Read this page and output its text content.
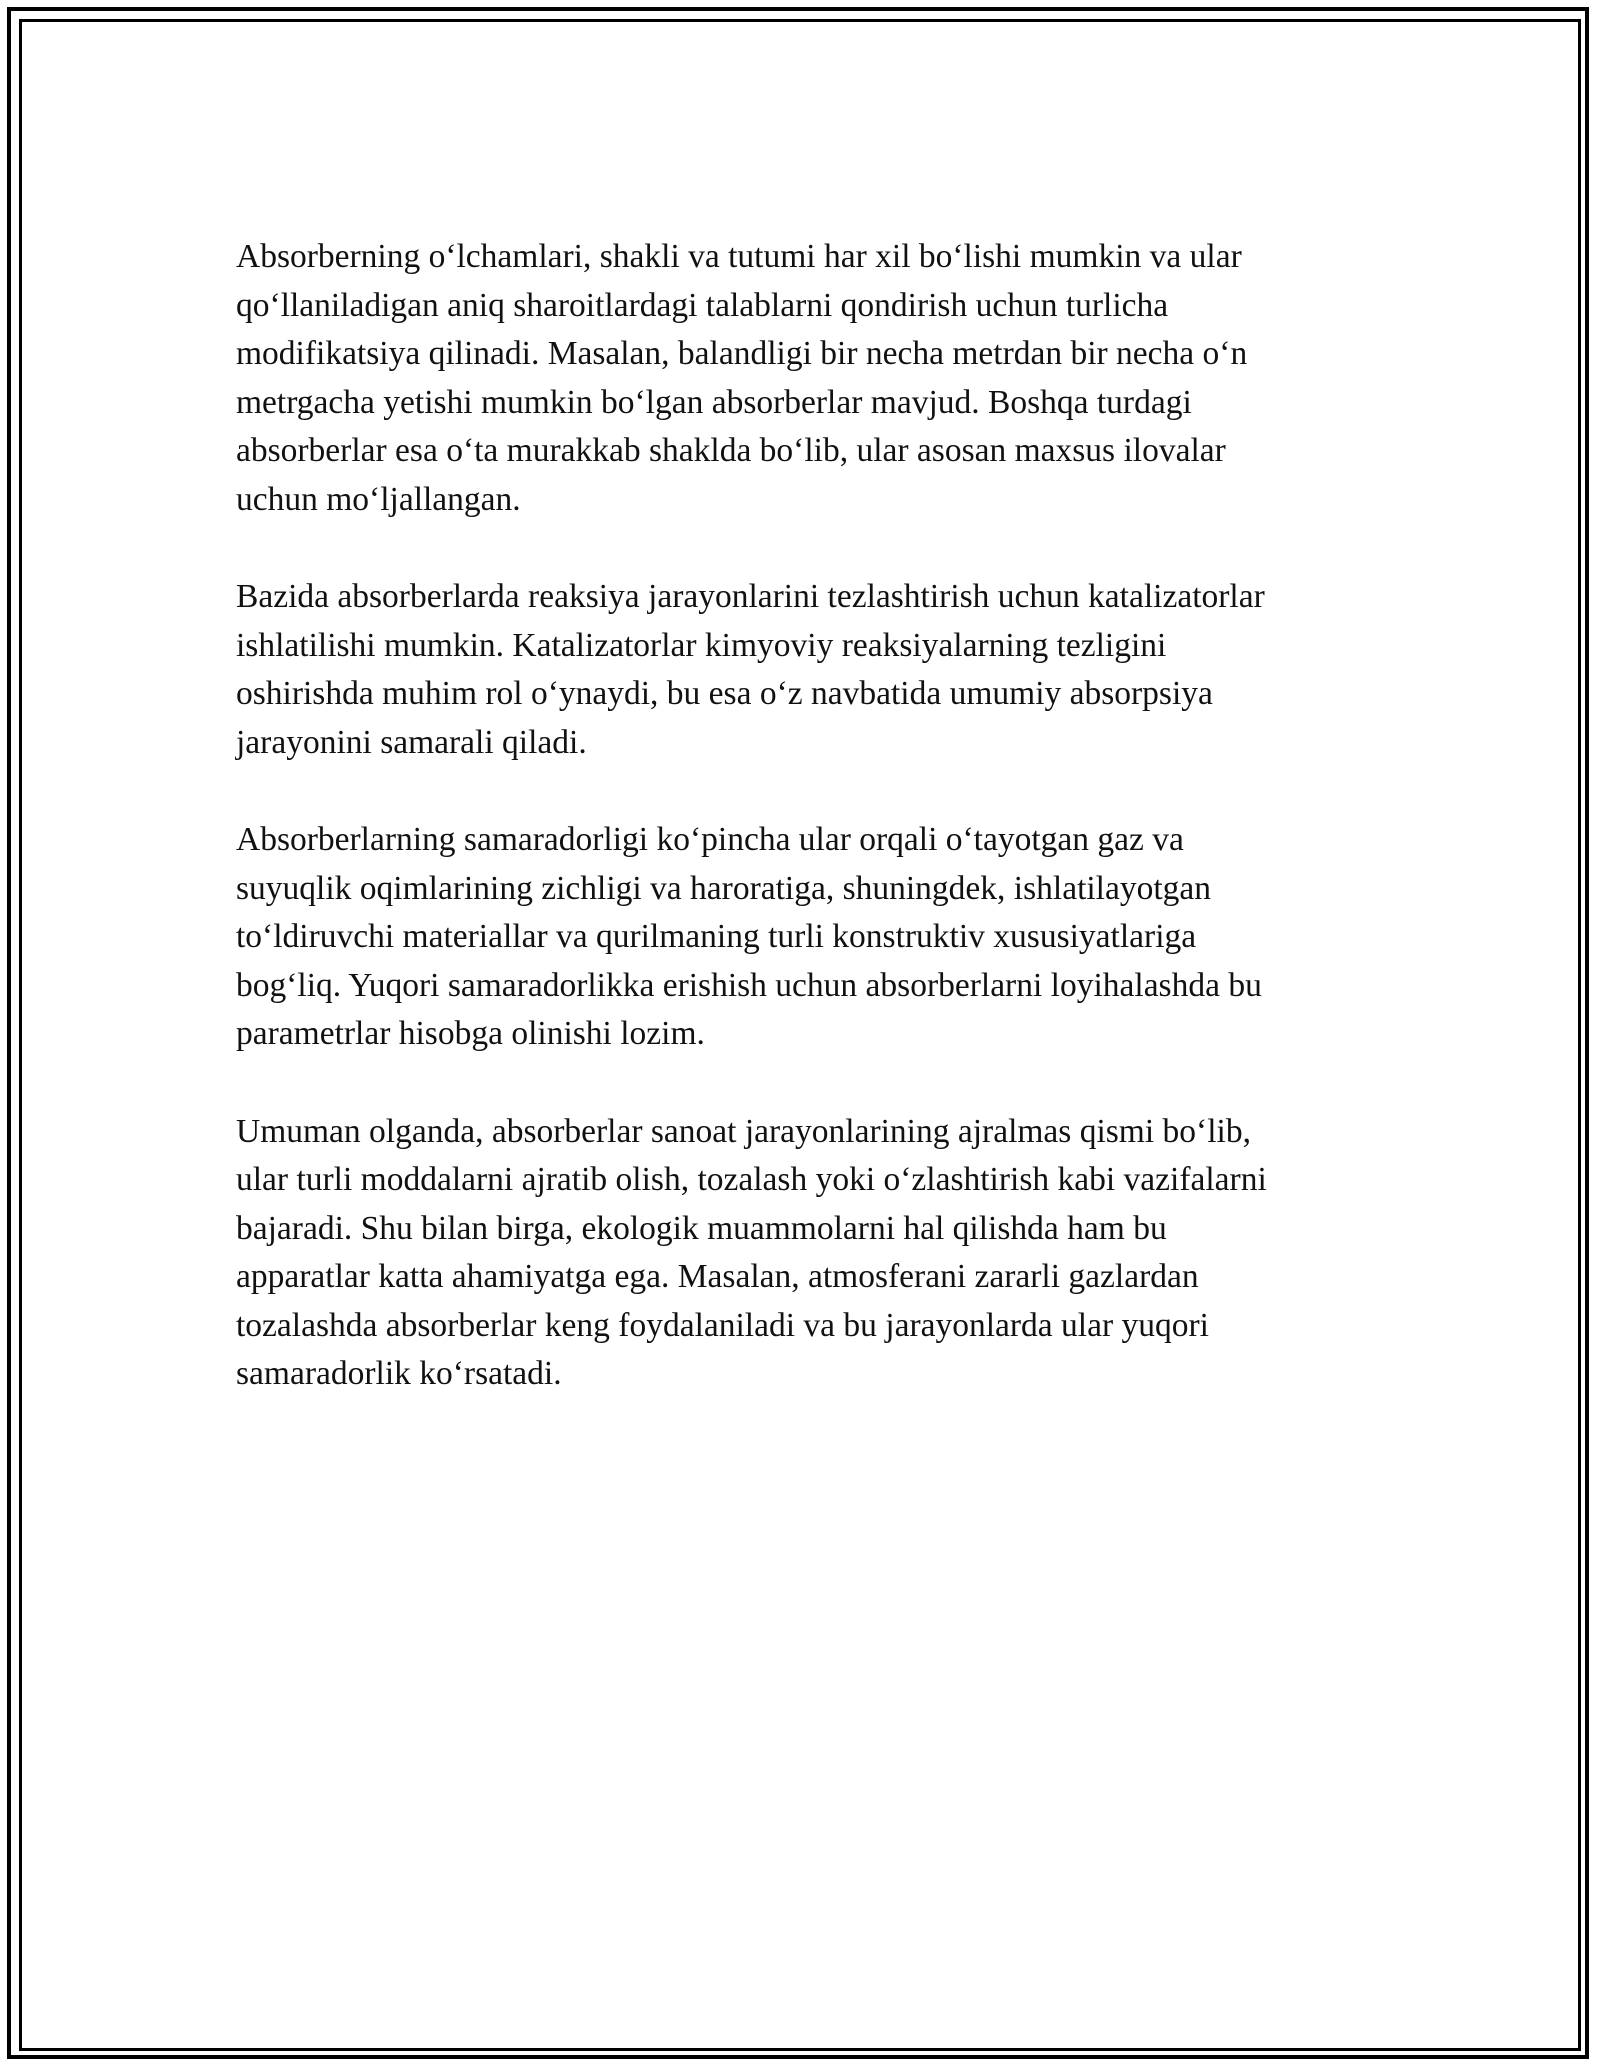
Absorberning o‘lchamlari, shakli va tutumi har xil bo‘lishi mumkin va ular
qo‘llaniladigan aniq sharoitlardagi talablarni qondirish uchun turlicha
modifikatsiya qilinadi. Masalan, balandligi bir necha metrdan bir necha o‘n
metrgacha yetishi mumkin bo‘lgan absorberlar mavjud. Boshqa turdagi
absorberlar esa o‘ta murakkab shaklda bo‘lib, ular asosan maxsus ilovalar
uchun mo‘ljallangan.

Bazida absorberlarda reaksiya jarayonlarini tezlashtirish uchun katalizatorlar
ishlatilishi mumkin. Katalizatorlar kimyoviy reaksiyalarning tezligini
oshirishda muhim rol o‘ynaydi, bu esa o‘z navbatida umumiy absorpsiya
jarayonini samarali qiladi.

Absorberlarning samaradorligi ko‘pincha ular orqali o‘tayotgan gaz va
suyuqlik oqimlarining zichligi va haroratiga, shuningdek, ishlatilayotgan
to‘ldiruvchi materiallar va qurilmaning turli konstruktiv xususiyatlariga
bog‘liq. Yuqori samaradorlikka erishish uchun absorberlarni loyihalashda bu
parametrlar hisobga olinishi lozim.

Umuman olganda, absorberlar sanoat jarayonlarining ajralmas qismi bo‘lib,
ular turli moddalarni ajratib olish, tozalash yoki o‘zlashtirish kabi vazifalarni
bajaradi. Shu bilan birga, ekologik muammolarni hal qilishda ham bu
apparatlar katta ahamiyatga ega. Masalan, atmosferani zararli gazlardan
tozalashda absorberlar keng foydalaniladi va bu jarayonlarda ular yuqori
samaradorlik ko‘rsatadi.
